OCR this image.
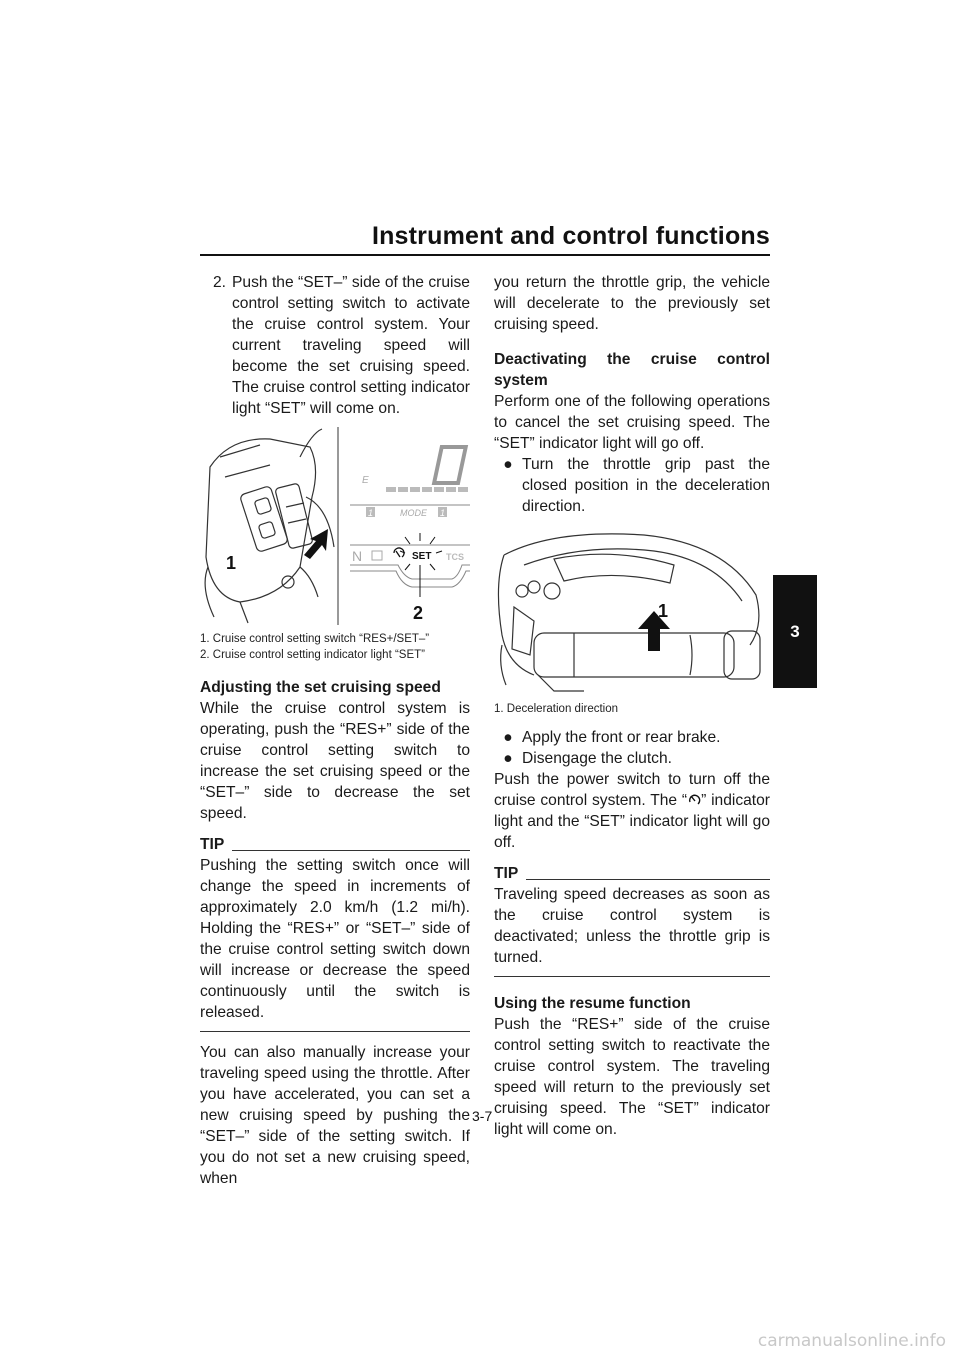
Instrument and control functions
3
2. Push the “SET–” side of the cruise control setting switch to activate the cruise control system. Your current traveling speed will become the set cruising speed. The cruise control setting indicator light “SET” will come on.
1	1
E
MODE
N	TCS
SET
1
2
1. Cruise control setting switch “RES+/SET–”
2. Cruise control setting indicator light “SET”

Adjusting the set cruising speed

While the cruise control system is operating, push the “RES+” side of the cruise control setting switch to increase the set cruising speed or the “SET–” side to decrease the set speed.

TIP

Pushing the setting switch once will change the speed in increments of approximately 2.0 km/h (1.2 mi/h). Holding the “RES+” or “SET–” side of the cruise control setting switch down will increase or decrease the speed continuously until the switch is released.

You can also manually increase your traveling speed using the throttle. After you have accelerated, you can set a new cruising speed by pushing the “SET–” side of the setting switch. If you do not set a new cruising speed, when

you return the throttle grip, the vehicle will decelerate to the previously set cruising speed.

Deactivating the cruise control system

Perform one of the following operations to cancel the set cruising speed. The “SET” indicator light will go off.

● Turn the throttle grip past the closed position in the deceleration direction.
1
1. Deceleration direction
● Apply the front or rear brake.
● Disengage the clutch.

Push the power switch to turn off the cruise control system. The “ ” indicator light and the “SET” indicator light will go off.

TIP

Traveling speed decreases as soon as the cruise control system is deactivated; unless the throttle grip is turned.

Using the resume function

Push the “RES+” side of the cruise control setting switch to reactivate the cruise control system. The traveling speed will return to the previously set cruising speed. The “SET” indicator light will come on.

3-7
carmanualsonline.info
